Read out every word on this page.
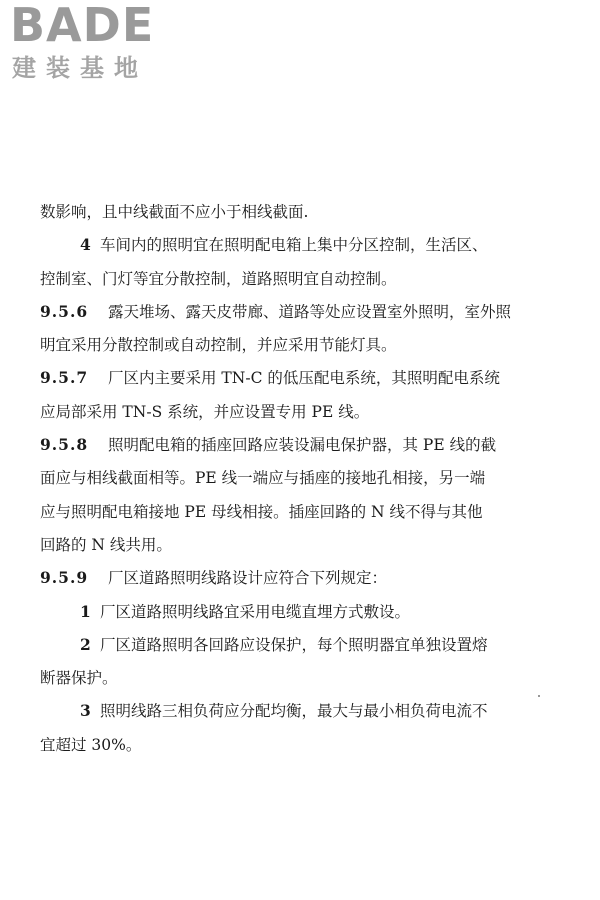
BADE
建装基地
数影响，且中线截面不应小于相线截面.
4 车间内的照明宜在照明配电箱上集中分区控制，生活区、
控制室、门灯等宜分散控制，道路照明宜自动控制。
9.5.6 露天堆场、露天皮带廊、道路等处应设置室外照明，室外照
明宜采用分散控制或自动控制，并应采用节能灯具。
9.5.7 厂区内主要采用 TN-C 的低压配电系统，其照明配电系统
应局部采用 TN-S 系统，并应设置专用 PE 线。
9.5.8 照明配电箱的插座回路应装设漏电保护器，其 PE 线的截
面应与相线截面相等。PE 线一端应与插座的接地孔相接，另一端
应与照明配电箱接地 PE 母线相接。插座回路的 N 线不得与其他
回路的 N 线共用。
9.5.9 厂区道路照明线路设计应符合下列规定：
1 厂区道路照明线路宜采用电缆直埋方式敷设。
2 厂区道路照明各回路应设保护，每个照明器宜单独设置熔
断器保护。
3 照明线路三相负荷应分配均衡，最大与最小相负荷电流不
宜超过 30%。
